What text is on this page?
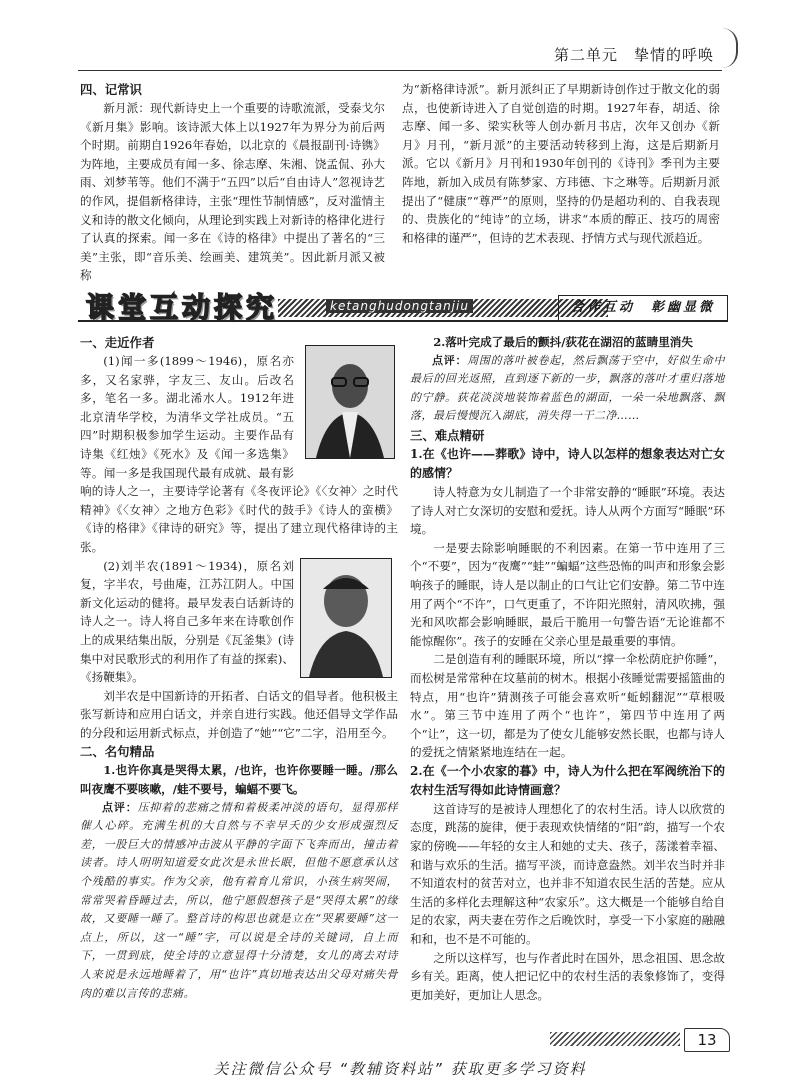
第二单元　挚情的呼唤
四、记常识

新月派：现代新诗史上一个重要的诗歌流派，受泰戈尔《新月集》影响。该诗派大体上以1927年为界分为前后两个时期。前期自1926年春始，以北京的《晨报副刊·诗镌》为阵地，主要成员有闻一多、徐志摩、朱湘、饶孟侃、孙大雨、刘梦苇等。他们不满于“五四”以后“自由诗人”忽视诗艺的作风，提倡新格律诗，主张“理性节制情感”，反对滥情主义和诗的散文化倾向，从理论到实践上对新诗的格律化进行了认真的探索。闻一多在《诗的格律》中提出了著名的“三美”主张，即“音乐美、绘画美、建筑美”。因此新月派又被称

为“新格律诗派”。新月派纠正了早期新诗创作过于散文化的弱点，也使新诗进入了自觉创造的时期。1927年春，胡适、徐志摩、闻一多、梁实秋等人创办新月书店，次年又创办《新月》月刊，“新月派”的主要活动转移到上海，这是后期新月派。它以《新月》月刊和1930年创刊的《诗刊》季刊为主要阵地，新加入成员有陈梦家、方玮德、卞之琳等。后期新月派提出了“健康”“尊严”的原则，坚持的仍是超功利的、自我表现的、贵族化的“纯诗”的立场，讲求“本质的醇正、技巧的周密和格律的谨严”，但诗的艺术表现、抒情方式与现代派趋近。

课堂互动探究	ketanghudongtanjiu	合作互动　彰幽显微
一、走近作者

(1)闻一多(1899～1946)，原名亦多，又名家骅，字友三、友山。后改名多，笔名一多。湖北浠水人。1912年进北京清华学校，为清华文学社成员。“五四”时期积极参加学生运动。主要作品有诗集《红烛》《死水》及《闻一多选集》等。闻一多是我国现代最有成就、最有影响的诗人之一，主要诗学论著有《冬夜评论》《〈女神〉之时代精神》《〈女神〉之地方色彩》《时代的鼓手》《诗人的蛮横》《诗的格律》《律诗的研究》等，提出了建立现代格律诗的主张。

(2)刘半农(1891～1934)，原名刘复，字半农，号曲庵，江苏江阴人。中国新文化运动的健将。最早发表白话新诗的诗人之一。诗人将自己多年来在诗歌创作上的成果结集出版，分别是《瓦釜集》(诗集中对民歌形式的利用作了有益的探索)、《扬鞭集》。

刘半农是中国新诗的开拓者、白话文的倡导者。他积极主张写新诗和应用白话文，并亲自进行实践。他还倡导文学作品的分段和运用新式标点，并创造了“她”“它”二字，沿用至今。

二、名句精品

1.也许你真是哭得太累，/也许，也许你要睡一睡。/那么叫夜鹰不要咳嗽，/蛙不要号，蝙蝠不要飞。

点评：压抑着的悲痛之情和着极柔冲淡的语句，显得那样催人心碎。充满生机的大自然与不幸早夭的少女形成强烈反差，一股巨大的情感冲击波从平静的字面下飞奔而出，撞击着读者。诗人明明知道爱女此次是永世长眠，但他不愿意承认这个残酷的事实。作为父亲，他有着育儿常识，小孩生病哭闹，常常哭着昏睡过去，所以，他宁愿假想孩子是“哭得太累”的缘故，又要睡一睡了。整首诗的构思也就是立在“哭累要睡”这一点上，所以，这一“睡”字，可以说是全诗的关键词，自上而下，一贯到底，使全诗的立意显得十分清楚，女儿的离去对诗人来说是永远地睡着了，用“也许”真切地表达出父母对痛失骨肉的难以言传的悲痛。

2.落叶完成了最后的颤抖/荻花在湖沼的蓝睛里消失

点评：周围的落叶被卷起，然后飘荡于空中，好似生命中最后的回光返照，直到逐下新的一步，飘落的落叶才重归落地的宁静。荻花淡淡地装饰着蓝色的湖面，一朵一朵地飘落、飘落，最后慢慢沉入湖底，消失得一干二净……

三、难点精研
1.在《也许——葬歌》诗中，诗人以怎样的想象表达对亡女的感情？

诗人特意为女儿制造了一个非常安静的“睡眠”环境。表达了诗人对亡女深切的安慰和爱抚。诗人从两个方面写“睡眠”环境。

一是要去除影响睡眠的不利因素。在第一节中连用了三个“不要”，因为“夜鹰”“蛙”“蝙蝠”这些恐怖的叫声和形象会影响孩子的睡眠，诗人是以制止的口气让它们安静。第二节中连用了两个“不许”，口气更重了，不许阳光照射，清风吹拂，强光和风吹都会影响睡眠，最后干脆用一句警告语“无论谁都不能惊醒你”。孩子的安睡在父亲心里是最重要的事情。

二是创造有利的睡眠环境，所以“撑一伞松荫庇护你睡”，而松树是常常种在坟墓前的树木。根据小孩睡觉需要摇篮曲的特点，用“也许”猜测孩子可能会喜欢听“蚯蚓翻泥”“草根吸水”。第三节中连用了两个“也许”，第四节中连用了两个“让”，这一切，都是为了使女儿能够安然长眠，也都与诗人的爱抚之情紧紧地连结在一起。

2.在《一个小农家的暮》中，诗人为什么把在军阀统治下的农村生活写得如此诗情画意？

这首诗写的是被诗人理想化了的农村生活。诗人以欣赏的态度，跳荡的旋律，便于表现欢快情绪的“阳”韵，描写一个农家的傍晚——年轻的女主人和她的丈夫、孩子，荡漾着幸福、和谐与欢乐的生活。描写平淡，而诗意盎然。刘半农当时并非不知道农村的贫苦对立，也并非不知道农民生活的苦楚。应从生活的多样化去理解这种“农家乐”。这大概是一个能够自给自足的农家，两夫妻在劳作之后晚饮时，享受一下小家庭的融融和和，也不是不可能的。

之所以这样写，也与作者此时在国外，思念祖国、思念故乡有关。距离，使人把记忆中的农村生活的表象修饰了，变得更加美好，更加让人思念。

13
关注微信公众号 “教辅资料站” 获取更多学习资料
